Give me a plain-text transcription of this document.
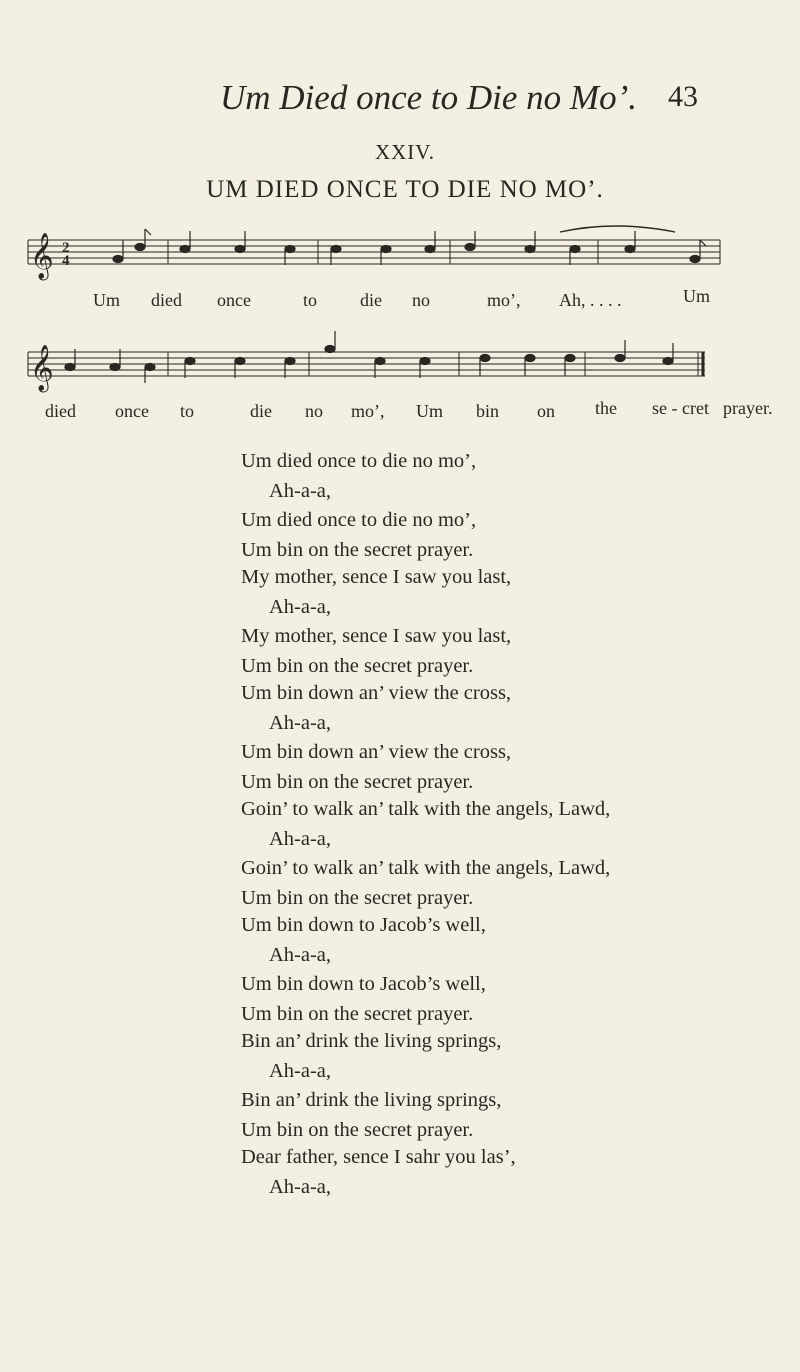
Um Died once to Die no Mo’. 43
XXIV.
UM DIED ONCE TO DIE NO MO’.
𝄞 2
4
Um died once	to die no	mo’, Ah, . . . .	Um
𝄞
died once to	die no mo’, Um bin on the se - cret prayer.

Um died once to die no mo’,

Ah-a-a,

Um died once to die no mo’,

Um bin on the secret prayer.

My mother, sence I saw you last,

Ah-a-a,

My mother, sence I saw you last,

Um bin on the secret prayer.

Um bin down an’ view the cross,

Ah-a-a,

Um bin down an’ view the cross,

Um bin on the secret prayer.

Goin’ to walk an’ talk with the angels, Lawd,

Ah-a-a,

Goin’ to walk an’ talk with the angels, Lawd,

Um bin on the secret prayer.

Um bin down to Jacob’s well,

Ah-a-a,

Um bin down to Jacob’s well,

Um bin on the secret prayer.

Bin an’ drink the living springs,

Ah-a-a,

Bin an’ drink the living springs,

Um bin on the secret prayer.

Dear father, sence I sahr you las’,

Ah-a-a,
